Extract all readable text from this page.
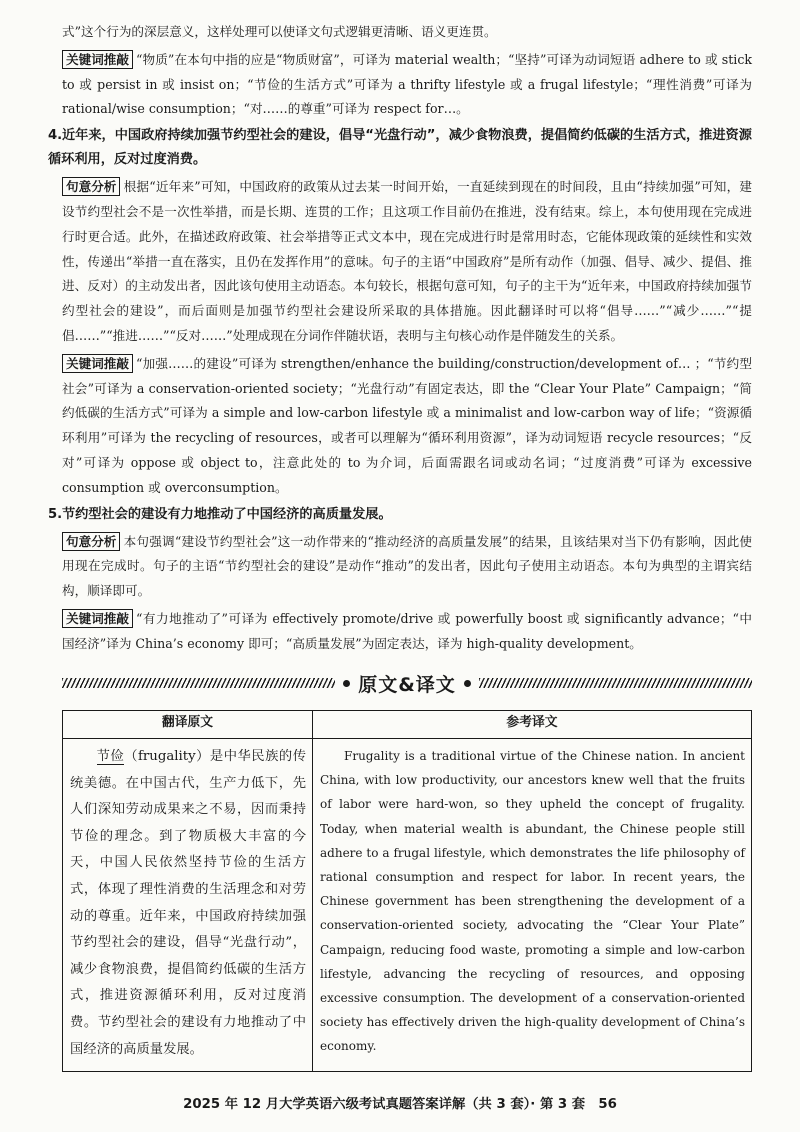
式”这个行为的深层意义，这样处理可以使译文句式逻辑更清晰、语义更连贯。

关键词推敲 “物质”在本句中指的应是“物质财富”，可译为 material wealth；“坚持”可译为动词短语 adhere to 或 stick to 或 persist in 或 insist on；“节俭的生活方式”可译为 a thrifty lifestyle 或 a frugal lifestyle；“理性消费”可译为 rational/wise consumption；“对……的尊重”可译为 respect for…。

4.近年来，中国政府持续加强节约型社会的建设，倡导“光盘行动”，减少食物浪费，提倡简约低碳的生活方式，推进资源循环利用，反对过度消费。

句意分析 根据“近年来”可知，中国政府的政策从过去某一时间开始，一直延续到现在的时间段，且由“持续加强”可知，建设节约型社会不是一次性举措，而是长期、连贯的工作；且这项工作目前仍在推进，没有结束。综上，本句使用现在完成进行时更合适。此外，在描述政府政策、社会举措等正式文本中，现在完成进行时是常用时态，它能体现政策的延续性和实效性，传递出“举措一直在落实，且仍在发挥作用”的意味。句子的主语“中国政府”是所有动作（加强、倡导、减少、提倡、推进、反对）的主动发出者，因此该句使用主动语态。本句较长，根据句意可知，句子的主干为“近年来，中国政府持续加强节约型社会的建设”，而后面则是加强节约型社会建设所采取的具体措施。因此翻译时可以将“倡导……”“减少……”“提倡……”“推进……”“反对……”处理成现在分词作伴随状语，表明与主句核心动作是伴随发生的关系。

关键词推敲 “加强……的建设”可译为 strengthen/enhance the building/construction/development of… ；“节约型社会”可译为 a conservation-oriented society；“光盘行动”有固定表达，即 the “Clear Your Plate” Campaign；“简约低碳的生活方式”可译为 a simple and low-carbon lifestyle 或 a minimalist and low-carbon way of life；“资源循环利用”可译为 the recycling of resources，或者可以理解为“循环利用资源”，译为动词短语 recycle resources；“反对”可译为 oppose 或 object to，注意此处的 to 为介词，后面需跟名词或动名词；“过度消费”可译为 excessive consumption 或 overconsumption。

5.节约型社会的建设有力地推动了中国经济的高质量发展。

句意分析 本句强调“建设节约型社会”这一动作带来的“推动经济的高质量发展”的结果，且该结果对当下仍有影响，因此使用现在完成时。句子的主语“节约型社会的建设”是动作“推动”的发出者，因此句子使用主动语态。本句为典型的主谓宾结构，顺译即可。

关键词推敲 “有力地推动了”可译为 effectively promote/drive 或 powerfully boost 或 significantly advance；“中国经济”译为 China’s economy 即可；“高质量发展”为固定表达，译为 high-quality development。

原文&译文
翻译原文	参考译文

节俭（frugality）是中华民族的传统美德。在中国古代，生产力低下，先人们深知劳动成果来之不易，因而秉持节俭的理念。到了物质极大丰富的今天，中国人民依然坚持节俭的生活方式，体现了理性消费的生活理念和对劳动的尊重。近年来，中国政府持续加强节约型社会的建设，倡导“光盘行动”，减少食物浪费，提倡简约低碳的生活方式，推进资源循环利用，反对过度消费。节约型社会的建设有力地推动了中国经济的高质量发展。	Frugality is a traditional virtue of the Chinese nation. In ancient China, with low productivity, our ancestors knew well that the fruits of labor were hard-won, so they upheld the concept of frugality. Today, when material wealth is abundant, the Chinese people still adhere to a frugal lifestyle, which demonstrates the life philosophy of rational consumption and respect for labor. In recent years, the Chinese government has been strengthening the development of a conservation-oriented society, advocating the “Clear Your Plate” Campaign, reducing food waste, promoting a simple and low-carbon lifestyle, advancing the recycling of resources, and opposing excessive consumption. The development of a conservation-oriented society has effectively driven the high-quality development of China’s economy.

2025 年 12 月大学英语六级考试真题答案详解（共 3 套）· 第 3 套　56
